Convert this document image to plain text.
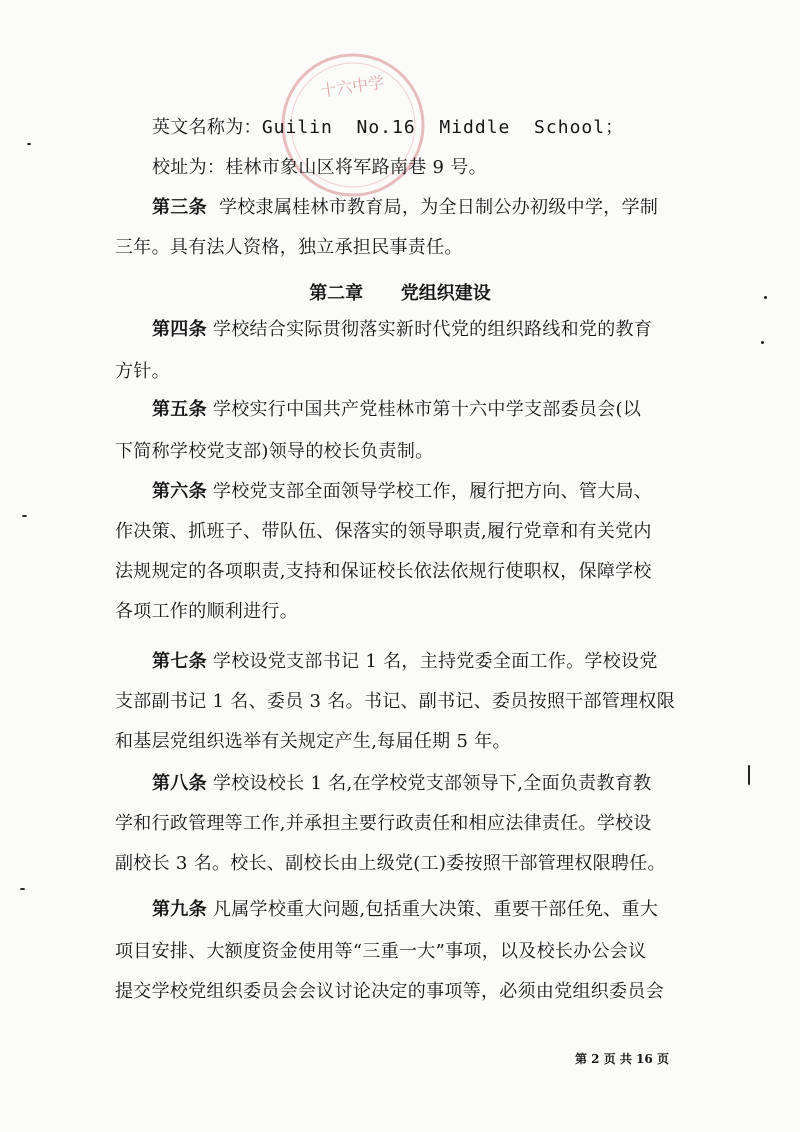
十六中学
英文名称为：Guilin  No.16  Middle  School；
校址为：桂林市象山区将军路南巷 9 号。
第三条  学校隶属桂林市教育局，为全日制公办初级中学，学制
三年。具有法人资格，独立承担民事责任。
第四条 学校结合实际贯彻落实新时代党的组织路线和党的教育
方针。
第五条 学校实行中国共产党桂林市第十六中学支部委员会(以
下简称学校党支部)领导的校长负责制。
第六条 学校党支部全面领导学校工作，履行把方向、管大局、
作决策、抓班子、带队伍、保落实的领导职责,履行党章和有关党内
法规规定的各项职责,支持和保证校长依法依规行使职权，保障学校
各项工作的顺利进行。
第七条 学校设党支部书记 1 名，主持党委全面工作。学校设党
支部副书记 1 名、委员 3 名。书记、副书记、委员按照干部管理权限
和基层党组织选举有关规定产生,每届任期 5 年。
第八条 学校设校长 1 名,在学校党支部领导下,全面负责教育教
学和行政管理等工作,并承担主要行政责任和相应法律责任。学校设
副校长 3 名。校长、副校长由上级党(工)委按照干部管理权限聘任。
第九条 凡属学校重大问题,包括重大决策、重要干部任免、重大
项目安排、大额度资金使用等“三重一大”事项，以及校长办公会议
提交学校党组织委员会会议讨论决定的事项等，必须由党组织委员会
第二章      党组织建设
第 2 页 共 16 页
